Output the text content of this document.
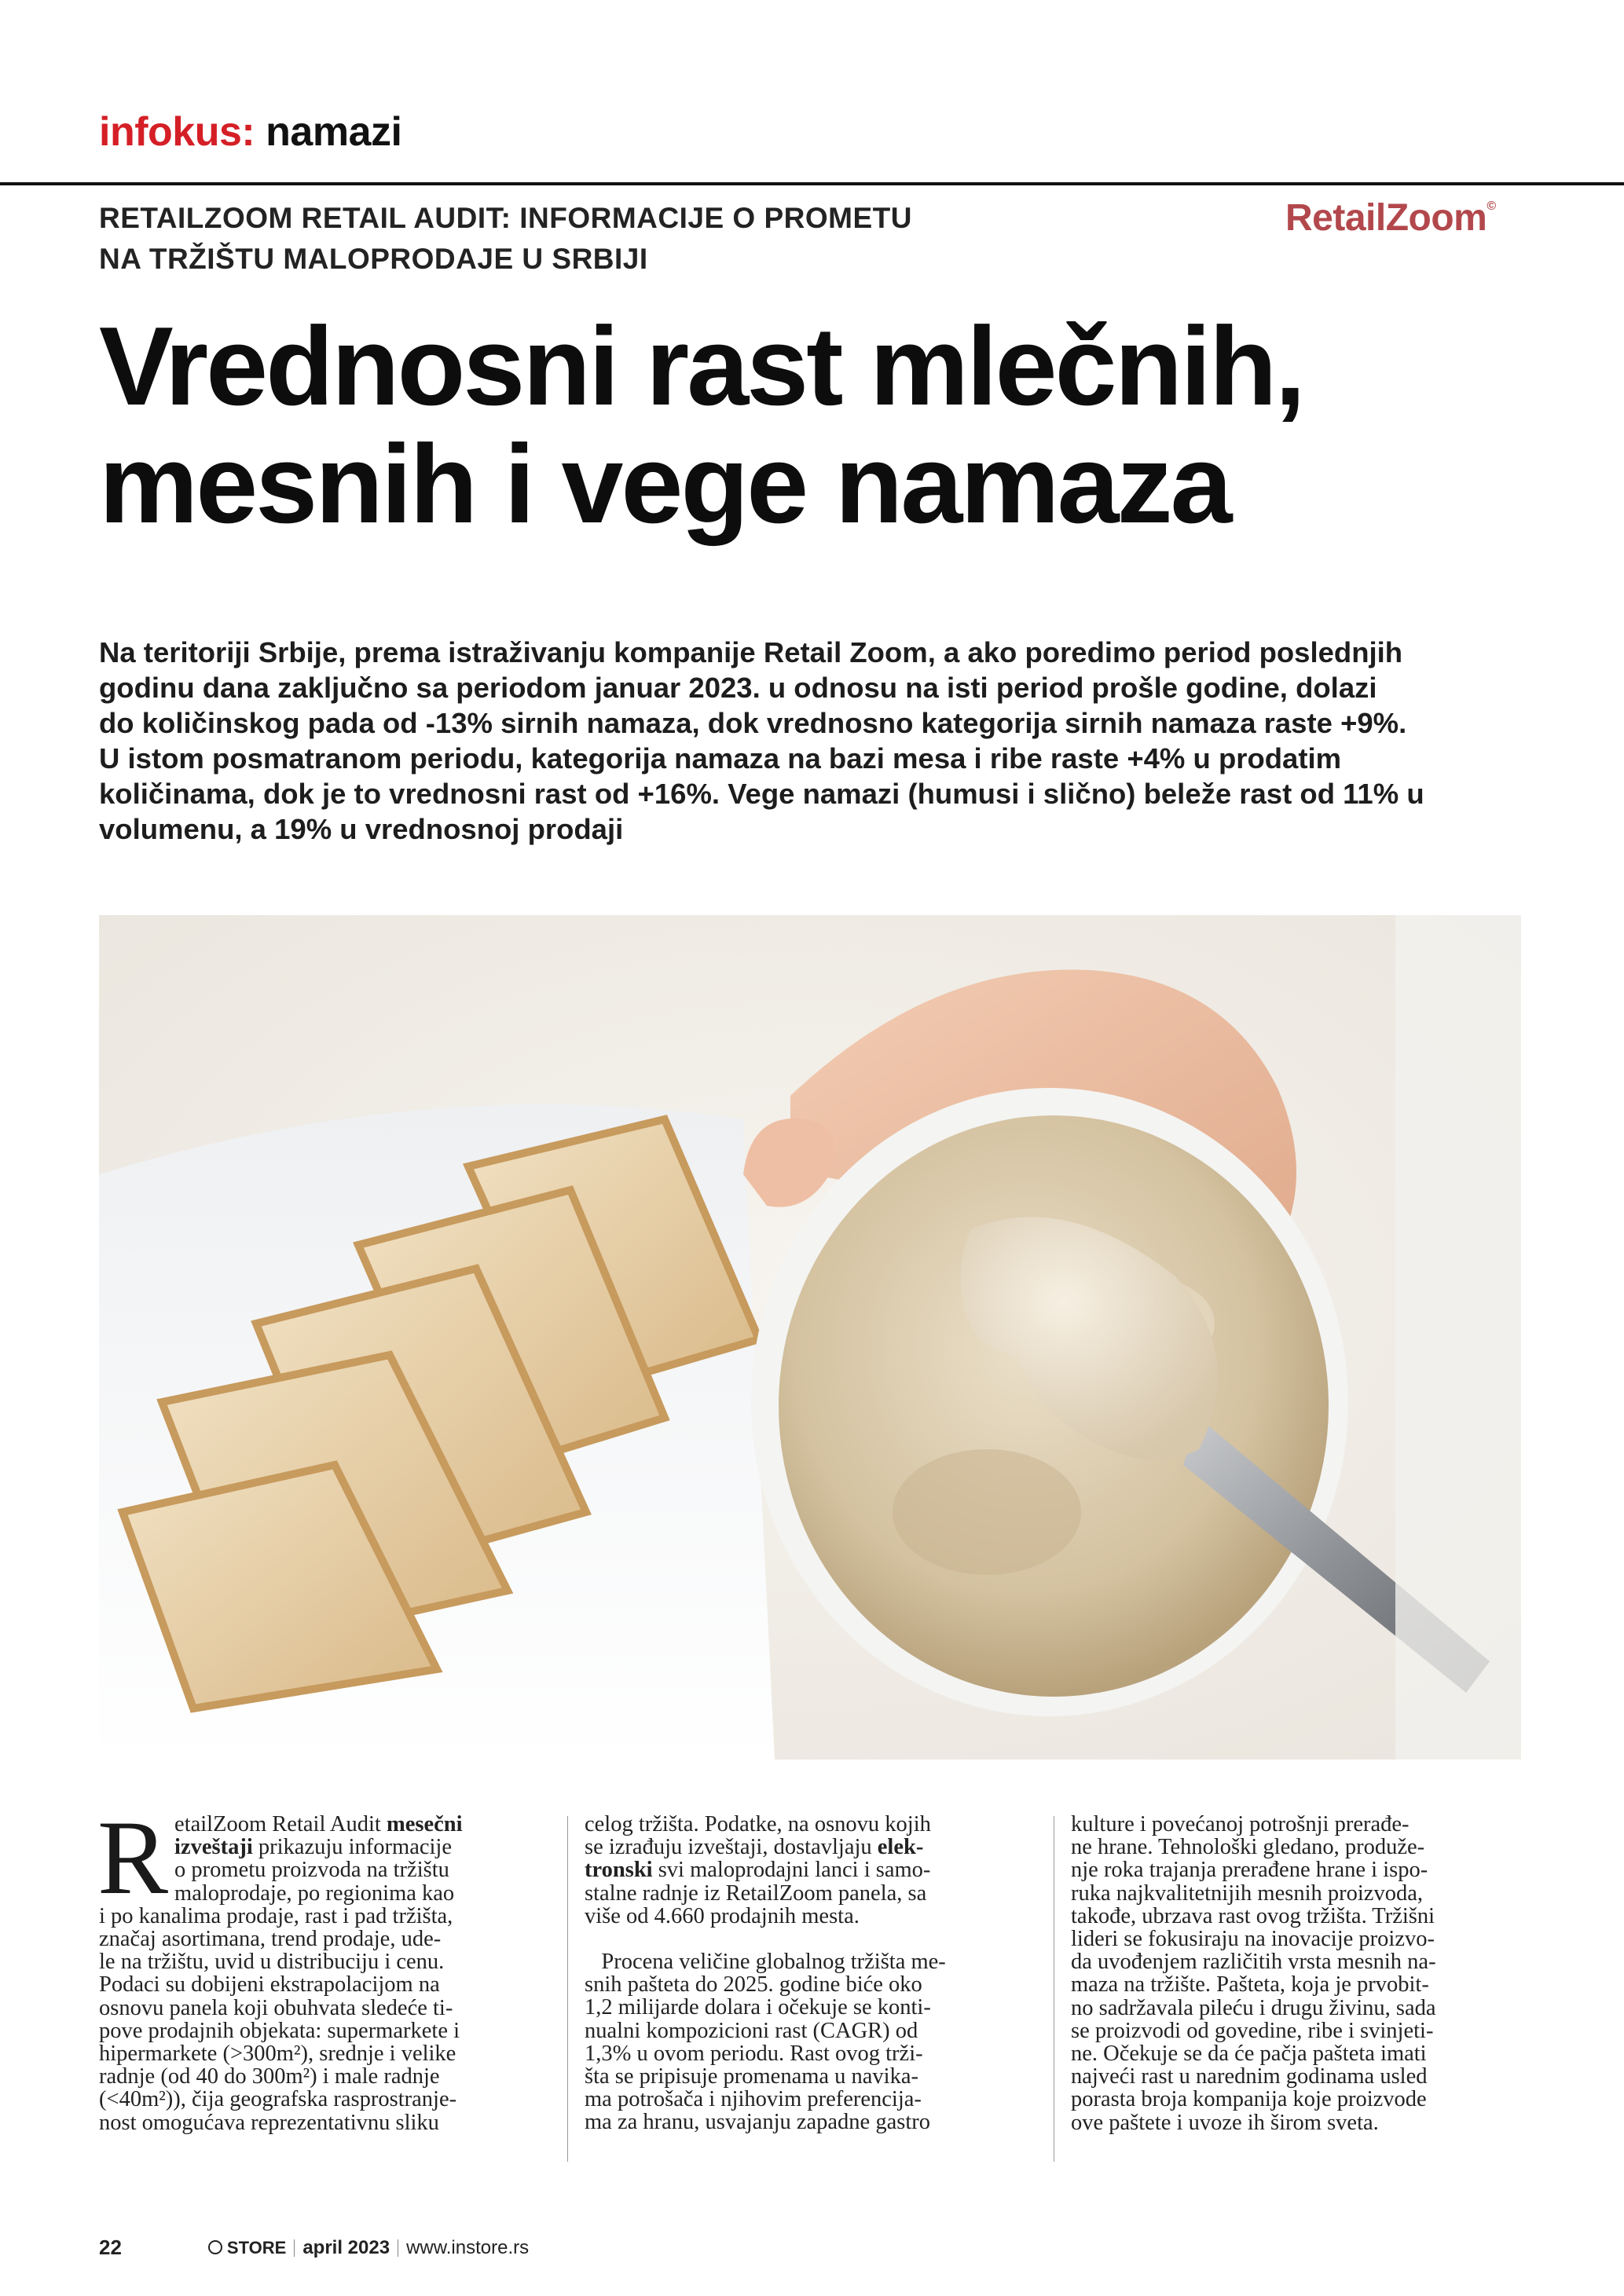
infokus: namazi
RETAILZOOM RETAIL AUDIT: INFORMACIJE O PROMETU
NA TRŽIŠTU MALOPRODAJE U SRBIJI
RetailZoom©
Vrednosni rast mlečnih,
mesnih i vege namaza

Na teritoriji Srbije, prema istraživanju kompanije Retail Zoom, a ako poredimo period poslednjih
godinu dana zaključno sa periodom januar 2023. u odnosu na isti period prošle godine, dolazi
do količinskog pada od -13% sirnih namaza, dok vrednosno kategorija sirnih namaza raste +9%.
U istom posmatranom periodu, kategorija namaza na bazi mesa i ribe raste +4% u prodatim
količinama, dok je to vrednosni rast od +16%. Vege namazi (humusi i slično) beleže rast od 11% u
volumenu, a 19% u vrednosnoj prodaji

R etailZoom Retail Audit mesečni
izveštaji prikazuju informacije
o prometu proizvoda na tržištu
maloprodaje, po regionima kao
i po kanalima prodaje, rast i pad tržišta,
značaj asortimana, trend prodaje, ude-
le na tržištu, uvid u distribuciju i cenu.
Podaci su dobijeni ekstrapolacijom na
osnovu panela koji obuhvata sledeće ti-
pove prodajnih objekata: supermarkete i
hipermarkete (>300m²), srednje i velike
radnje (od 40 do 300m²) i male radnje
(<40m²)), čija geografska rasprostranje-
nost omogućava reprezentativnu sliku
celog tržišta. Podatke, na osnovu kojih
se izrađuju izveštaji, dostavljaju elek-
tronski svi maloprodajni lanci i samo-
stalne radnje iz RetailZoom panela, sa
više od 4.660 prodajnih mesta.
Procena veličine globalnog tržišta me-
snih pašteta do 2025. godine biće oko
1,2 milijarde dolara i očekuje se konti-
nualni kompozicioni rast (CAGR) od
1,3% u ovom periodu. Rast ovog trži-
šta se pripisuje promenama u navika-
ma potrošača i njihovim preferencija-
ma za hranu, usvajanju zapadne gastro
kulture i povećanoj potrošnji prerađe-
ne hrane. Tehnološki gledano, produže-
nje roka trajanja prerađene hrane i ispo-
ruka najkvalitetnijih mesnih proizvoda,
takođe, ubrzava rast ovog tržišta. Tržišni
lideri se fokusiraju na inovacije proizvo-
da uvođenjem različitih vrsta mesnih na-
maza na tržište. Pašteta, koja je prvobit-
no sadržavala pileću i drugu živinu, sada
se proizvodi od govedine, ribe i svinjeti-
ne. Očekuje se da će pačja pašteta imati
najveći rast u narednim godinama usled
porasta broja kompanija koje proizvode
ove paštete i uvoze ih širom sveta.
22	STORE april 2023 www.instore.rs
